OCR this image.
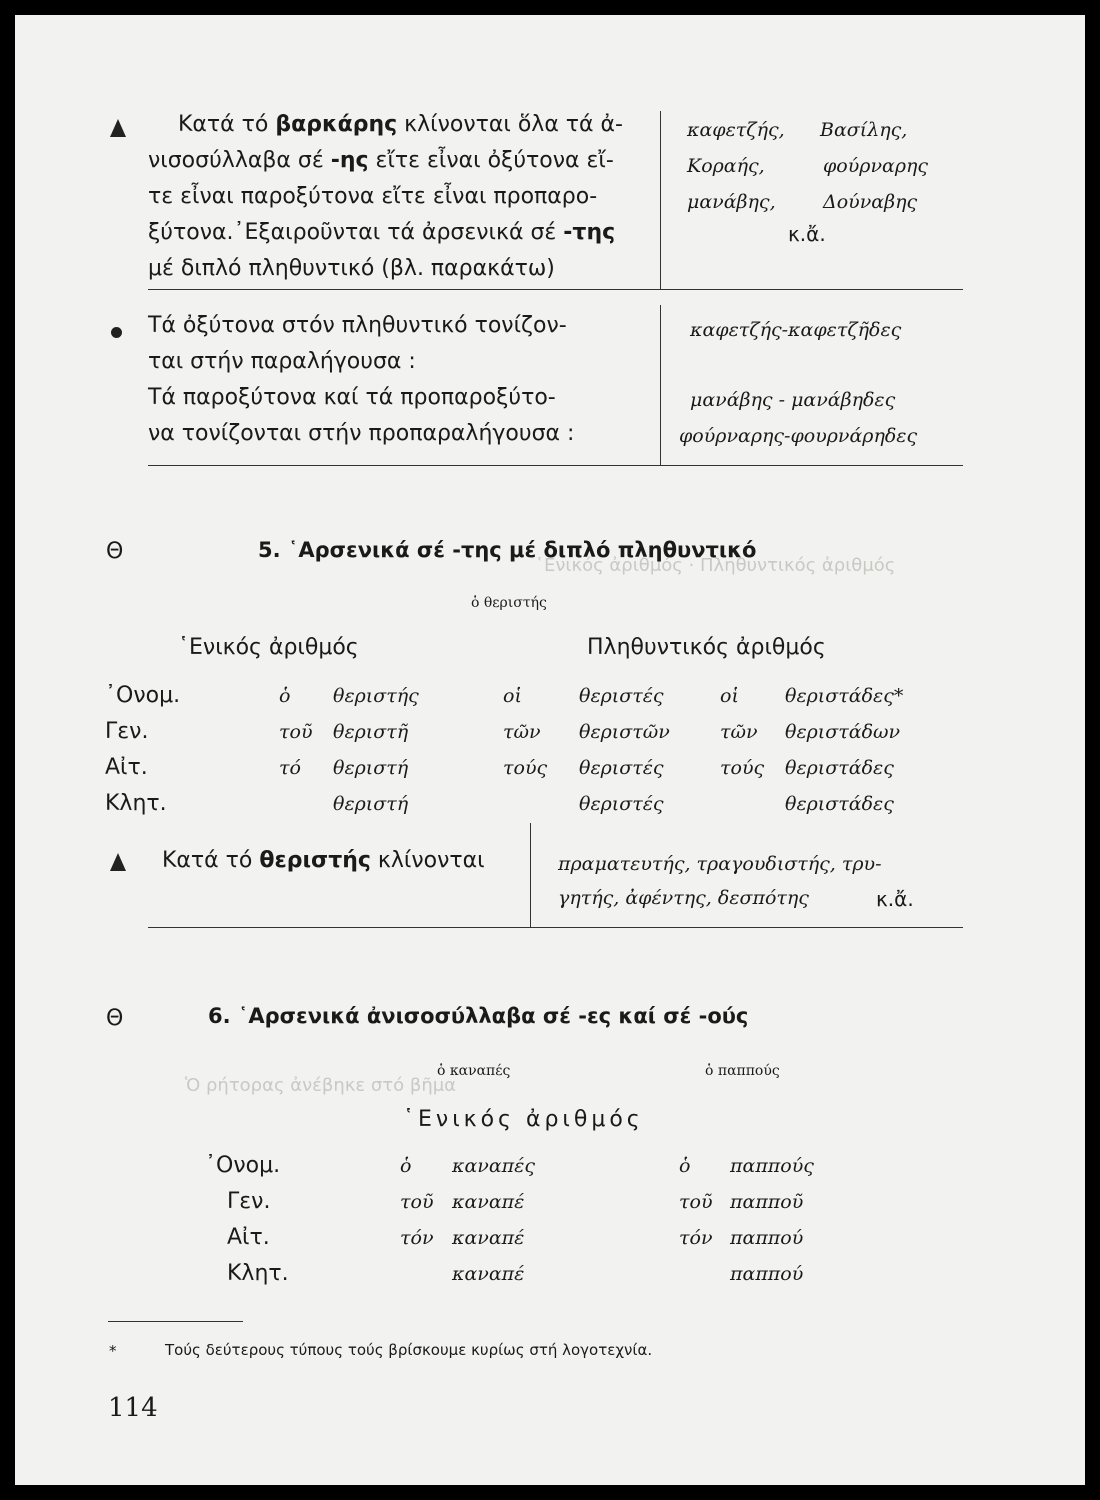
῾Ενικός ἀριθμός · Πληθυντικός ἀριθμός
Ὁ ρήτορας ἀνέβηκε στό βῆμα
Κατά τό βαρκάρης κλίνονται ὅλα τά ἀ-
νισοσύλλαβα σέ -ης εἴτε εἶναι ὀξύτονα εἴ-
τε εἶναι παροξύτονα εἴτε εἶναι προπαρο-
ξύτονα.᾿Εξαιροῦνται τά ἀρσενικά σέ -της
μέ διπλό πληθυντικό (βλ. παρακάτω)
καφετζής, Βασίλης,
Κοραής,	φούρναρης
μανάβης, Δούναβης
κ.ἄ.
Τά ὀξύτονα στόν πληθυντικό τονίζον-
ται στήν παραλήγουσα :
Τά παροξύτονα καί τά προπαροξύτο-
να τονίζονται στήν προπαραλήγουσα :
καφετζής-καφετζῆδες
μανάβης - μανάβηδες
φούρναρης-φουρνάρηδες
Θ	5. ῾Αρσενικά σέ -της μέ διπλό πληθυντικό
ὁ θεριστής
῾Ενικός ἀριθμός	Πληθυντικός ἀριθμός
᾿Ονομ.	ὁ θεριστής	οἱ	θεριστές	οἱ θεριστάδες*
Γεν.	τοῦ θεριστῆ	τῶν θεριστῶν	τῶν θεριστάδων
Αἰτ.	τό θεριστή	τούς θεριστές	τούς θεριστάδες
Κλητ.	θεριστή	θεριστές	θεριστάδες
Κατά τό θεριστής κλίνονται	πραματευτής, τραγουδιστής, τρυ-
γητής, ἀφέντης, δεσπότης	κ.ἄ.
Θ	6. ῾Αρσενικά ἀνισοσύλλαβα σέ -ες καί σέ -ούς
ὁ καναπές	ὁ παππούς
῾Ενικός ἀριθμός
᾿Ονομ.	ὁ καναπές	ὁ παππούς
Γεν.	τοῦ καναπέ	τοῦ παπποῦ
Αἰτ.	τόν καναπέ	τόν παππού
Κλητ.	καναπέ	παππού
*	Τούς δεύτερους τύπους τούς βρίσκουμε κυρίως στή λογοτεχνία.
114
